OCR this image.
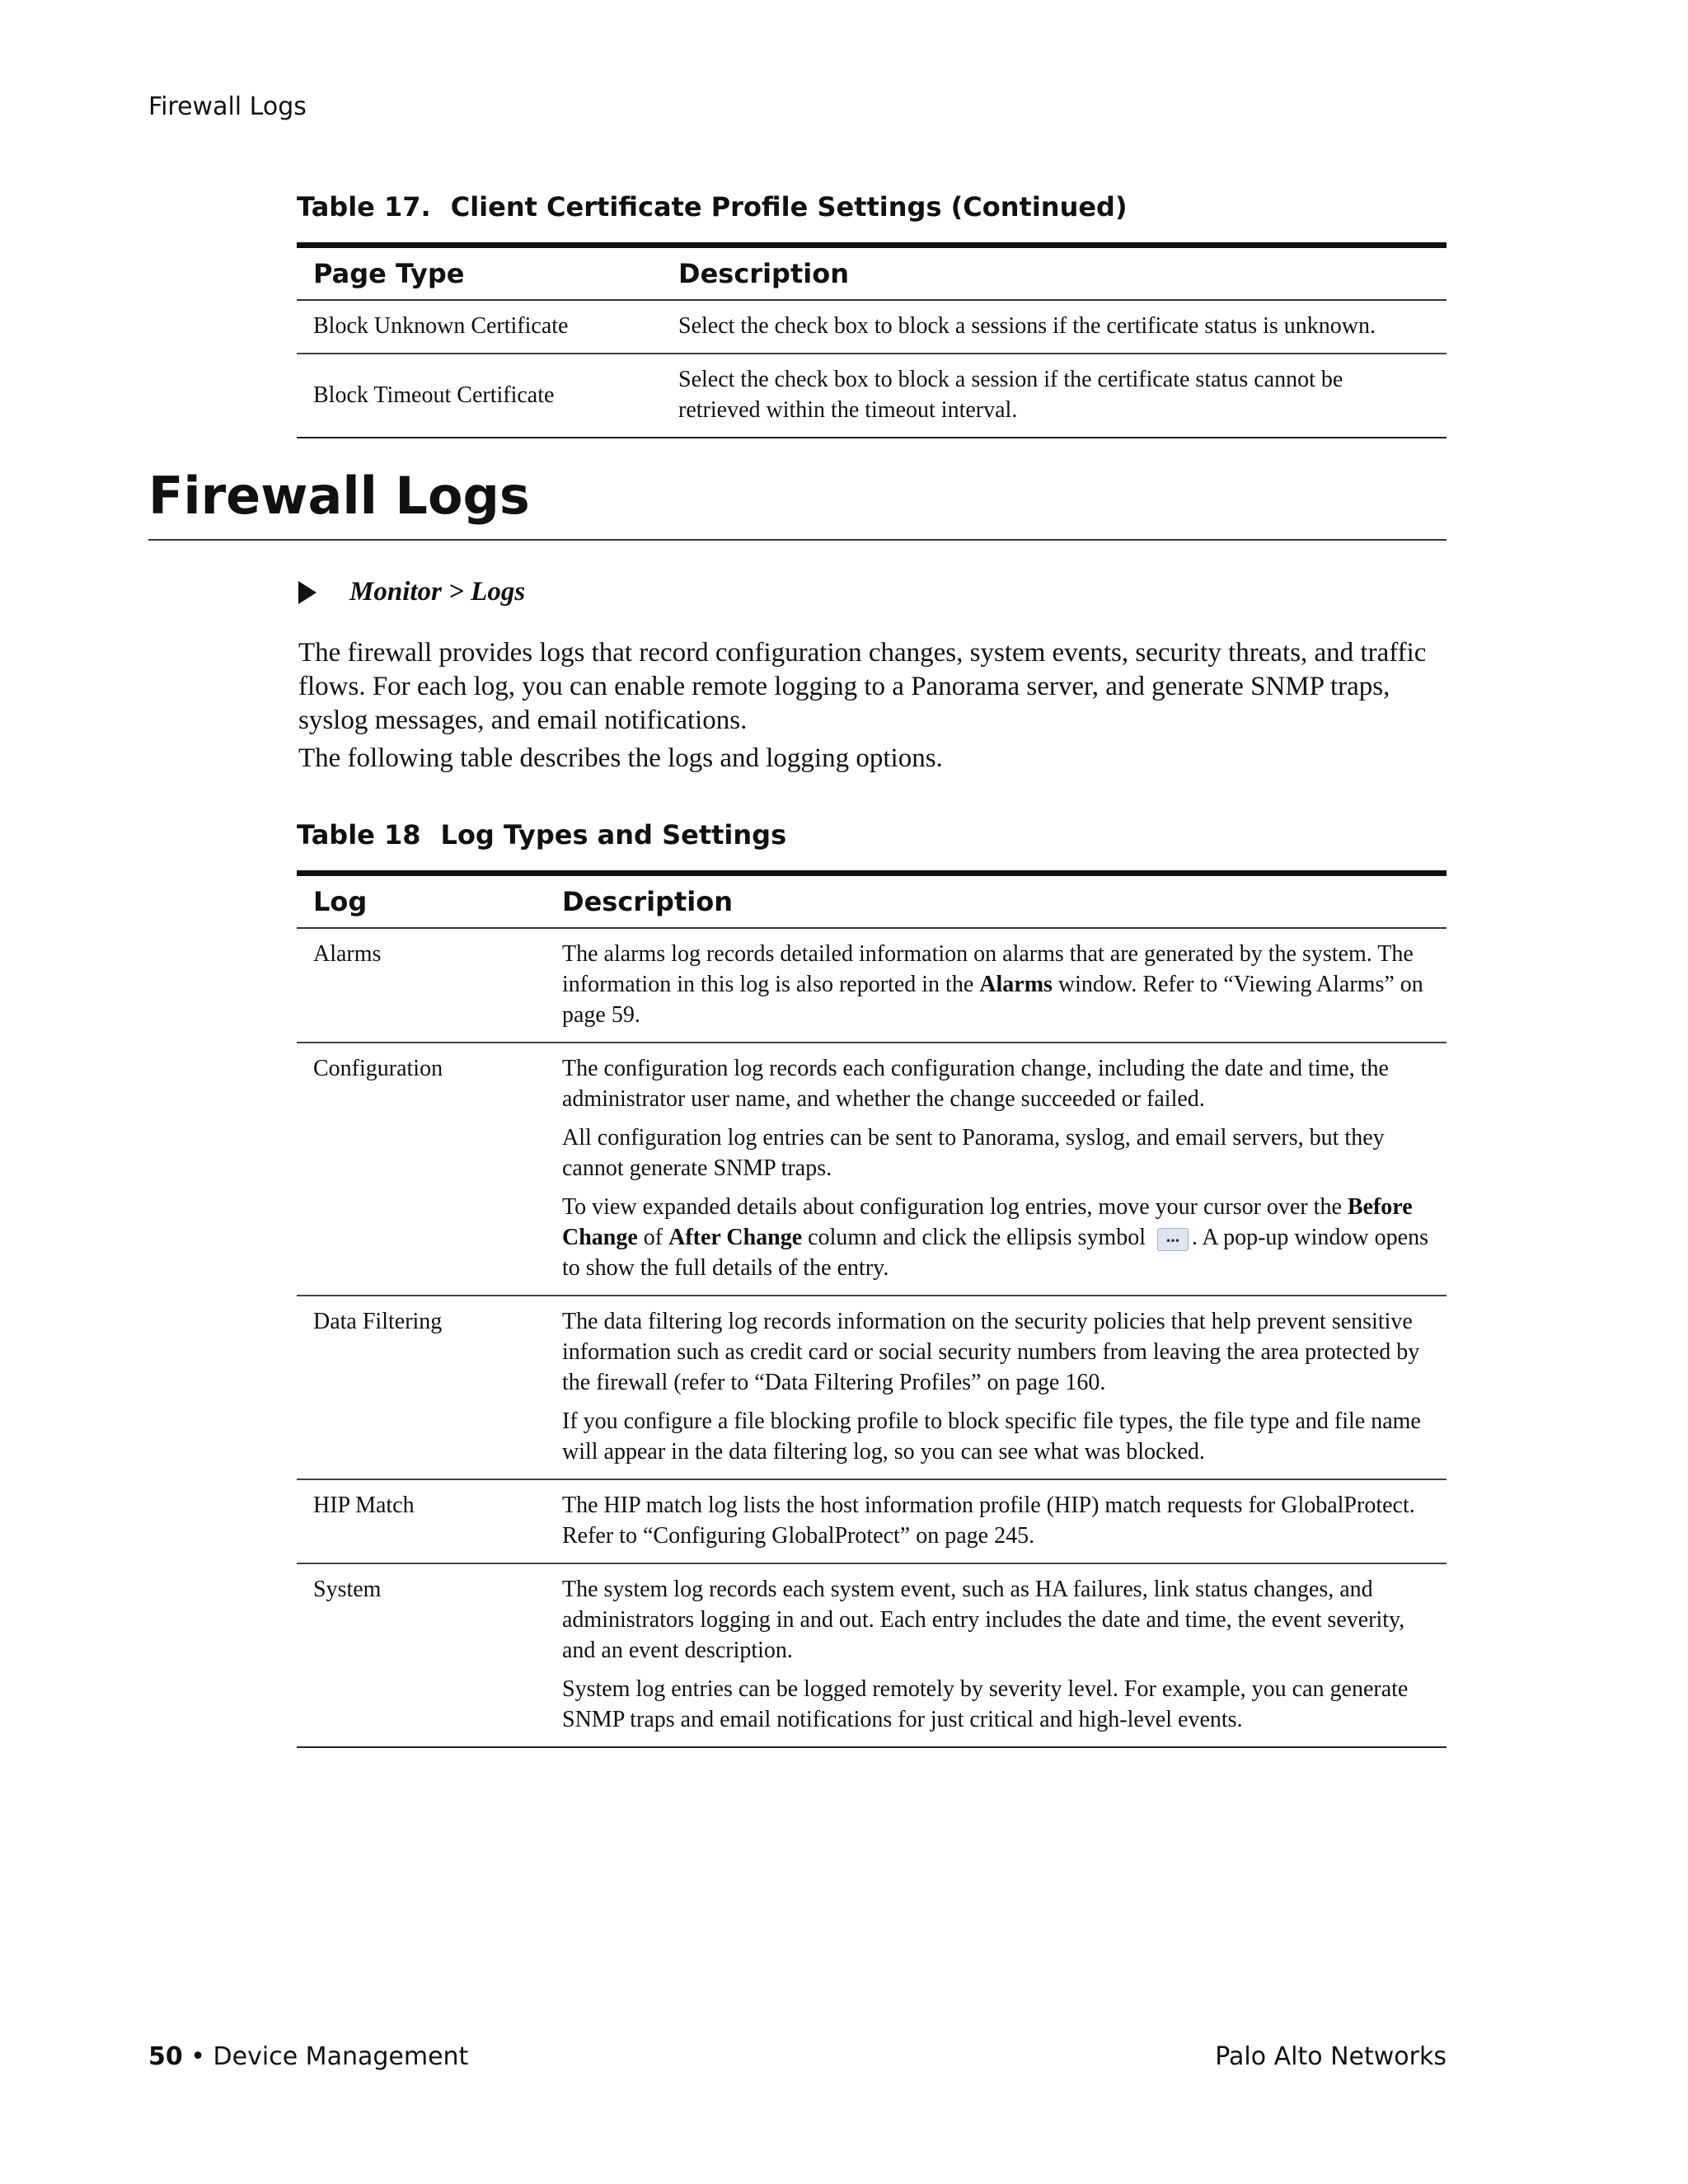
Firewall Logs
Table 17. Client Certificate Profile Settings (Continued)
Page Type	Description
Block Unknown Certificate	Select the check box to block a sessions if the certificate status is unknown.
Block Timeout Certificate	Select the check box to block a session if the certificate status cannot be retrieved within the timeout interval.
Firewall Logs
Monitor > Logs

The firewall provides logs that record configuration changes, system events, security threats, and traffic flows. For each log, you can enable remote logging to a Panorama server, and generate SNMP traps, syslog messages, and email notifications.

The following table describes the logs and logging options.

Table 18 Log Types and Settings
Log	Description
Alarms	The alarms log records detailed information on alarms that are generated by the system. The information in this log is also reported in the Alarms window. Refer to “Viewing Alarms” on page 59.

Configuration	The configuration log records each configuration change, including the date and time, the administrator user name, and whether the change succeeded or failed.

All configuration log entries can be sent to Panorama, syslog, and email servers, but they cannot generate SNMP traps.

To view expanded details about configuration log entries, move your cursor over the Before Change of After Change column and click the ellipsis symbol ... . A pop-up window opens to show the full details of the entry.

Data Filtering	The data filtering log records information on the security policies that help prevent sensitive information such as credit card or social security numbers from leaving the area protected by the firewall (refer to “Data Filtering Profiles” on page 160.

If you configure a file blocking profile to block specific file types, the file type and file name will appear in the data filtering log, so you can see what was blocked.

HIP Match	The HIP match log lists the host information profile (HIP) match requests for GlobalProtect. Refer to “Configuring GlobalProtect” on page 245.

System	The system log records each system event, such as HA failures, link status changes, and administrators logging in and out. Each entry includes the date and time, the event severity, and an event description.

System log entries can be logged remotely by severity level. For example, you can generate SNMP traps and email notifications for just critical and high-level events.

50 • Device Management	Palo Alto Networks
